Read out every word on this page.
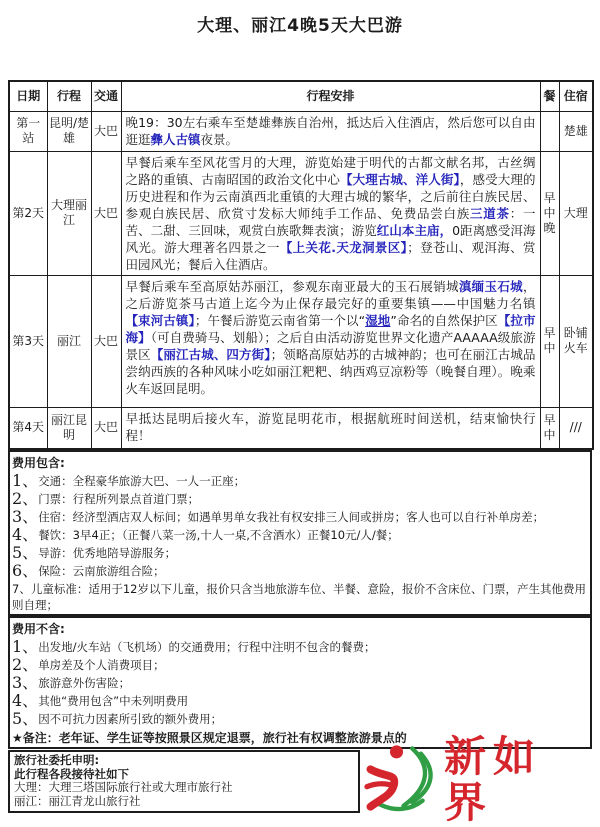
大理、丽江4晚5天大巴游
日期	行程	交通	行程安排	餐	住宿
第一站	昆明/楚雄	大巴	晚19：30左右乘车至楚雄彝族自治州，抵达后入住酒店，然后您可以自由逛逛彝人古镇夜景。		楚雄
第2天	大理丽江	大巴	早餐后乘车至风花雪月的大理，游览始建于明代的古都文献名邦，古丝绸之路的重镇、古南昭国的政治文化中心【大理古城、洋人街】，感受大理的历史进程和作为云南滇西北重镇的大理古城的繁华，之后前往白族民居、参观白族民居、欣赏寸发标大师纯手工作品、免费品尝白族三道茶：一苦、二甜、三回味，观赏白族歌舞表演；游览红山本主庙，0距离感受洱海风光。游大理著名四景之一【上关花.天龙洞景区】；登苍山、观洱海、赏田园风光；餐后入住酒店。	早中晚	大理
第3天	丽江	大巴	早餐后乘车至高原姑苏丽江，参观东南亚最大的玉石展销城滇缅玉石城，之后游览茶马古道上迄今为止保存最完好的重要集镇——中国魅力名镇【束河古镇】；午餐后游览云南省第一个以“湿地”命名的自然保护区【拉市海】（可自费骑马、划船）；之后自由活动游览世界文化遗产AAAAA级旅游景区【丽江古城、四方街】；领略高原姑苏的古城神韵；也可在丽江古城品尝纳西族的各种风味小吃如丽江粑粑、纳西鸡豆凉粉等（晚餐自理）。晚乘火车返回昆明。	早中	卧铺火车
第4天	丽江昆明	大巴	早抵达昆明后接火车，游览昆明花市，根据航班时间送机，结束愉快行程！	早中	///
费用包含:
1、交通：全程豪华旅游大巴、一人一正座；
2、门票：行程所列景点首道门票；
3、住宿：经济型酒店双人标间；如遇单男单女我社有权安排三人间或拼房；客人也可以自行补单房差；
4、餐饮：3早4正；（正餐八菜一汤,十人一桌,不含酒水）正餐10元/人/餐；
5、导游：优秀地陪导游服务；
6、保险：云南旅游组合险；
7、儿童标准：适用于12岁以下儿童，报价只含当地旅游车位、半餐、意险，报价不含床位、门票，产生其他费用则自理；
费用不含:
1、出发地/火车站（飞机场）的交通费用；行程中注明不包含的餐费；
2、单房差及个人消费项目；
3、旅游意外伤害险；
4、其他“费用包含”中未列明费用
5、因不可抗力因素所引致的额外费用；
★备注：老年证、学生证等按照景区规定退票，旅行社有权调整旅游景点的
旅行社委托申明:
此行程各段接待社如下
大理：大理三塔国际旅行社或大理市旅行社
丽江：丽江青龙山旅行社
新如界
